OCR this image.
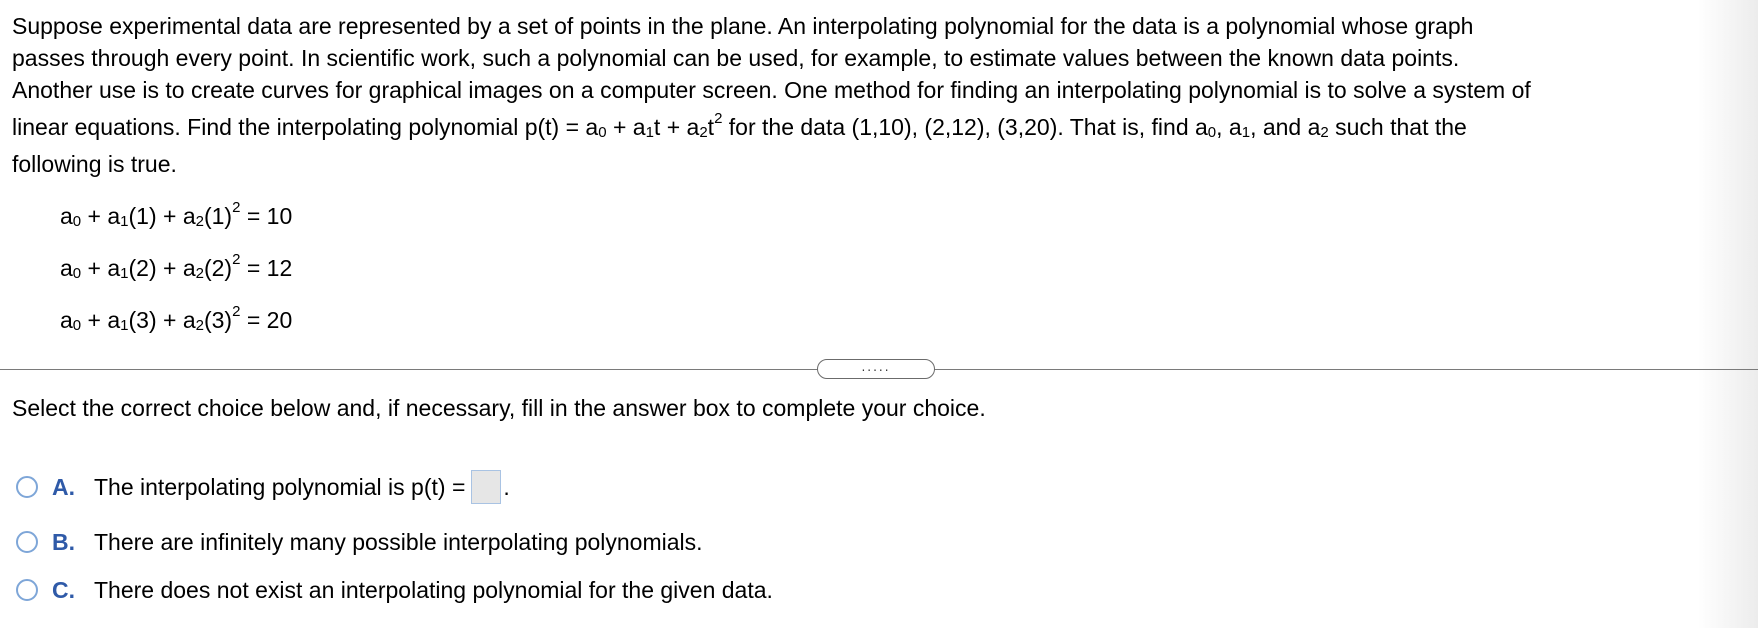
Suppose experimental data are represented by a set of points in the plane. An interpolating polynomial for the data is a polynomial whose graph
passes through every point. In scientific work, such a polynomial can be used, for example, to estimate values between the known data points.
Another use is to create curves for graphical images on a computer screen. One method for finding an interpolating polynomial is to solve a system of
linear equations. Find the interpolating polynomial $p(t) = a_0 + a_1t + a_2t^2$ for the data (1,10), (2,12), (3,20). That is, find $a_0$, $a_1$, and $a_2$ such that the
following is true.
$a_0 + a_1(1) + a_2(1)^2 = 10$
$a_0 + a_1(2) + a_2(2)^2 = 12$
$a_0 + a_1(3) + a_2(3)^2 = 20$
.....
Select the correct choice below and, if necessary, fill in the answer box to complete your choice.
A. The interpolating polynomial is p(t) = .
B. There are infinitely many possible interpolating polynomials.
C. There does not exist an interpolating polynomial for the given data.
